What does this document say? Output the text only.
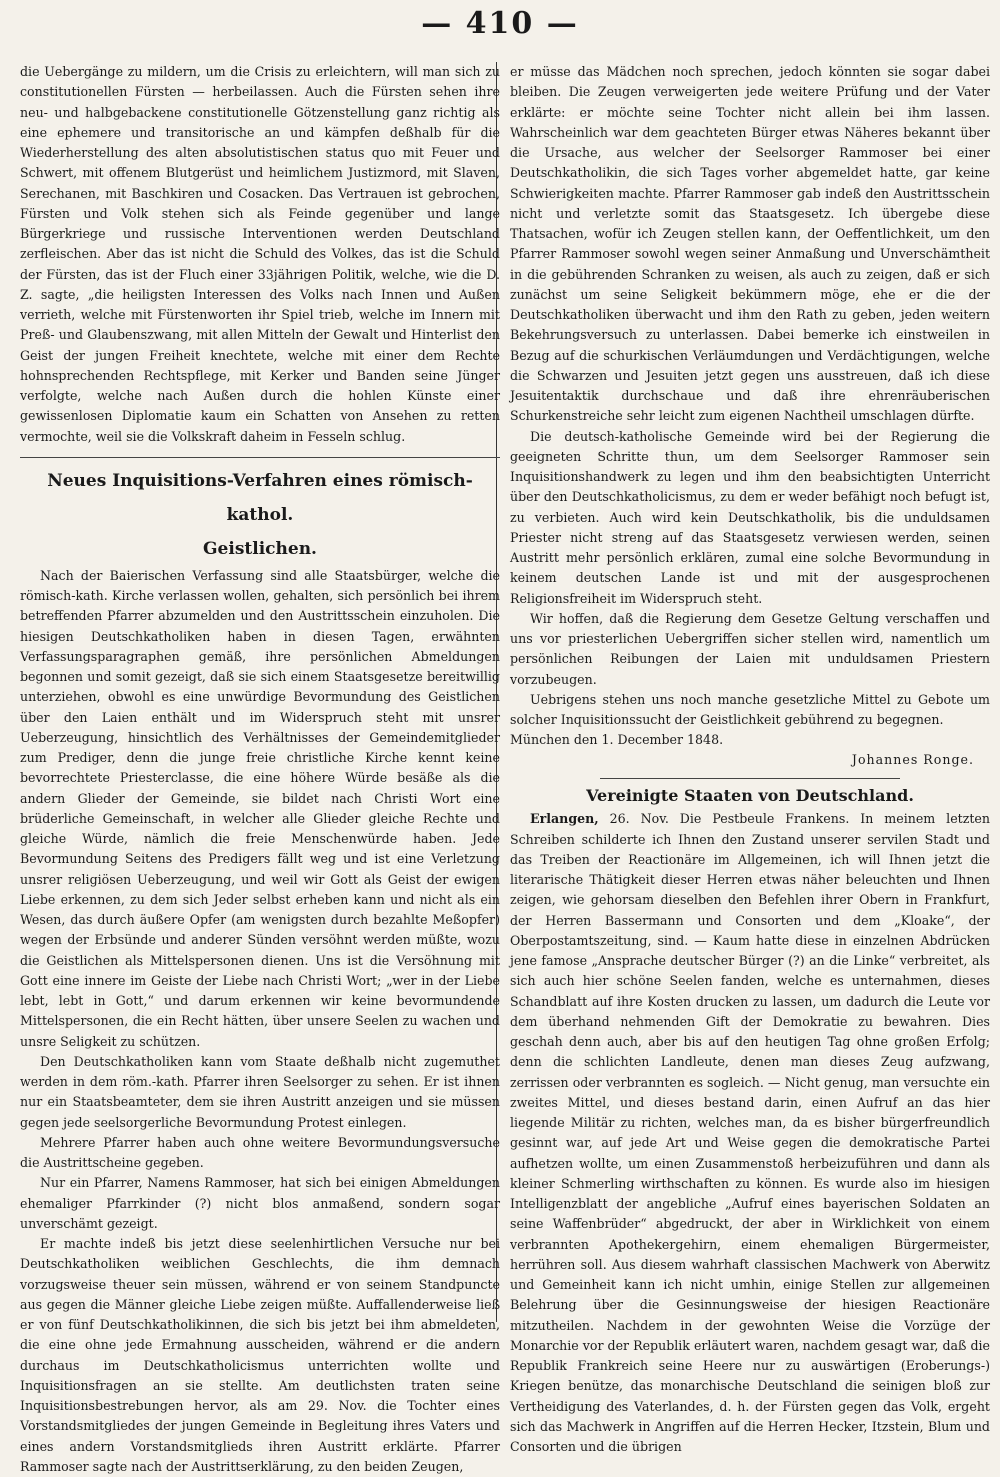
— 410 —

die Uebergänge zu mildern, um die Crisis zu erleichtern, will man sich zu constitutionellen Fürsten — herbeilassen. Auch die Fürsten sehen ihre neu- und halbgebackene constitutionelle Götzenstellung ganz richtig als eine ephemere und transitorische an und kämpfen deßhalb für die Wiederherstellung des alten absolutistischen status quo mit Feuer und Schwert, mit offenem Blutgerüst und heimlichem Justizmord, mit Slaven, Serechanen, mit Baschkiren und Cosacken. Das Vertrauen ist gebrochen, Fürsten und Volk stehen sich als Feinde gegenüber und lange Bürgerkriege und russische Interventionen werden Deutschland zerfleischen. Aber das ist nicht die Schuld des Volkes, das ist die Schuld der Fürsten, das ist der Fluch einer 33jährigen Politik, welche, wie die D. Z. sagte, „die heiligsten Interessen des Volks nach Innen und Außen verrieth, welche mit Fürstenworten ihr Spiel trieb, welche im Innern mit Preß- und Glaubenszwang, mit allen Mitteln der Gewalt und Hinterlist den Geist der jungen Freiheit knechtete, welche mit einer dem Rechte hohnsprechenden Rechtspflege, mit Kerker und Banden seine Jünger verfolgte, welche nach Außen durch die hohlen Künste einer gewissenlosen Diplomatie kaum ein Schatten von Ansehen zu retten vermochte, weil sie die Volkskraft daheim in Fesseln schlug.

Neues Inquisitions-Verfahren eines römisch-kathol.

Geistlichen.

Nach der Baierischen Verfassung sind alle Staatsbürger, welche die römisch-kath. Kirche verlassen wollen, gehalten, sich persönlich bei ihrem betreffenden Pfarrer abzumelden und den Austrittsschein einzuholen. Die hiesigen Deutschkatholiken haben in diesen Tagen, erwähnten Verfassungsparagraphen gemäß, ihre persönlichen Abmeldungen begonnen und somit gezeigt, daß sie sich einem Staatsgesetze bereitwillig unterziehen, obwohl es eine unwürdige Bevormundung des Geistlichen über den Laien enthält und im Widerspruch steht mit unsrer Ueberzeugung, hinsichtlich des Verhältnisses der Gemeindemitglieder zum Prediger, denn die junge freie christliche Kirche kennt keine bevorrechtete Priesterclasse, die eine höhere Würde besäße als die andern Glieder der Gemeinde, sie bildet nach Christi Wort eine brüderliche Gemeinschaft, in welcher alle Glieder gleiche Rechte und gleiche Würde, nämlich die freie Menschenwürde haben. Jede Bevormundung Seitens des Predigers fällt weg und ist eine Verletzung unsrer religiösen Ueberzeugung, und weil wir Gott als Geist der ewigen Liebe erkennen, zu dem sich Jeder selbst erheben kann und nicht als ein Wesen, das durch äußere Opfer (am wenigsten durch bezahlte Meßopfer) wegen der Erbsünde und anderer Sünden versöhnt werden müßte, wozu die Geistlichen als Mittelspersonen dienen. Uns ist die Versöhnung mit Gott eine innere im Geiste der Liebe nach Christi Wort; „wer in der Liebe lebt, lebt in Gott,“ und darum erkennen wir keine bevormundende Mittelspersonen, die ein Recht hätten, über unsere Seelen zu wachen und unsre Seligkeit zu schützen.

Den Deutschkatholiken kann vom Staate deßhalb nicht zugemuthet werden in dem röm.-kath. Pfarrer ihren Seelsorger zu sehen. Er ist ihnen nur ein Staatsbeamteter, dem sie ihren Austritt anzeigen und sie müssen gegen jede seelsorgerliche Bevormundung Protest einlegen.

Mehrere Pfarrer haben auch ohne weitere Bevormundungsversuche die Austrittscheine gegeben.

Nur ein Pfarrer, Namens Rammoser, hat sich bei einigen Abmeldungen ehemaliger Pfarrkinder (?) nicht blos anmaßend, sondern sogar unverschämt gezeigt.

Er machte indeß bis jetzt diese seelenhirtlichen Versuche nur bei Deutschkatholiken weiblichen Geschlechts, die ihm demnach vorzugsweise theuer sein müssen, während er von seinem Standpuncte aus gegen die Männer gleiche Liebe zeigen müßte. Auffallenderweise ließ er von fünf Deutschkatholikinnen, die sich bis jetzt bei ihm abmeldeten, die eine ohne jede Ermahnung ausscheiden, während er die andern durchaus im Deutschkatholicismus unterrichten wollte und Inquisitionsfragen an sie stellte. Am deutlichsten traten seine Inquisitionsbestrebungen hervor, als am 29. Nov. die Tochter eines Vorstandsmitgliedes der jungen Gemeinde in Begleitung ihres Vaters und eines andern Vorstandsmitglieds ihren Austritt erklärte. Pfarrer Rammoser sagte nach der Austrittserklärung, zu den beiden Zeugen,

er müsse das Mädchen noch sprechen, jedoch könnten sie sogar dabei bleiben. Die Zeugen verweigerten jede weitere Prüfung und der Vater erklärte: er möchte seine Tochter nicht allein bei ihm lassen. Wahrscheinlich war dem geachteten Bürger etwas Näheres bekannt über die Ursache, aus welcher der Seelsorger Rammoser bei einer Deutschkatholikin, die sich Tages vorher abgemeldet hatte, gar keine Schwierigkeiten machte. Pfarrer Rammoser gab indeß den Austrittsschein nicht und verletzte somit das Staatsgesetz. Ich übergebe diese Thatsachen, wofür ich Zeugen stellen kann, der Oeffentlichkeit, um den Pfarrer Rammoser sowohl wegen seiner Anmaßung und Unverschämtheit in die gebührenden Schranken zu weisen, als auch zu zeigen, daß er sich zunächst um seine Seligkeit bekümmern möge, ehe er die der Deutschkatholiken überwacht und ihm den Rath zu geben, jeden weitern Bekehrungsversuch zu unterlassen. Dabei bemerke ich einstweilen in Bezug auf die schurkischen Verläumdungen und Verdächtigungen, welche die Schwarzen und Jesuiten jetzt gegen uns ausstreuen, daß ich diese Jesuitentaktik durchschaue und daß ihre ehrenräuberischen Schurkenstreiche sehr leicht zum eigenen Nachtheil umschlagen dürfte.

Die deutsch-katholische Gemeinde wird bei der Regierung die geeigneten Schritte thun, um dem Seelsorger Rammoser sein Inquisitionshandwerk zu legen und ihm den beabsichtigten Unterricht über den Deutschkatholicismus, zu dem er weder befähigt noch befugt ist, zu verbieten. Auch wird kein Deutschkatholik, bis die unduldsamen Priester nicht streng auf das Staatsgesetz verwiesen werden, seinen Austritt mehr persönlich erklären, zumal eine solche Bevormundung in keinem deutschen Lande ist und mit der ausgesprochenen Religionsfreiheit im Widerspruch steht.

Wir hoffen, daß die Regierung dem Gesetze Geltung verschaffen und uns vor priesterlichen Uebergriffen sicher stellen wird, namentlich um persönlichen Reibungen der Laien mit unduldsamen Priestern vorzubeugen.

Uebrigens stehen uns noch manche gesetzliche Mittel zu Gebote um solcher Inquisitionssucht der Geistlichkeit gebührend zu begegnen.

München den 1. December 1848.

Johannes Ronge.

Vereinigte Staaten von Deutschland.

Erlangen, 26. Nov. Die Pestbeule Frankens. In meinem letzten Schreiben schilderte ich Ihnen den Zustand unserer servilen Stadt und das Treiben der Reactionäre im Allgemeinen, ich will Ihnen jetzt die literarische Thätigkeit dieser Herren etwas näher beleuchten und Ihnen zeigen, wie gehorsam dieselben den Befehlen ihrer Obern in Frankfurt, der Herren Bassermann und Consorten und dem „Kloake“, der Oberpostamtszeitung, sind. — Kaum hatte diese in einzelnen Abdrücken jene famose „Ansprache deutscher Bürger (?) an die Linke“ verbreitet, als sich auch hier schöne Seelen fanden, welche es unternahmen, dieses Schandblatt auf ihre Kosten drucken zu lassen, um dadurch die Leute vor dem überhand nehmenden Gift der Demokratie zu bewahren. Dies geschah denn auch, aber bis auf den heutigen Tag ohne großen Erfolg; denn die schlichten Landleute, denen man dieses Zeug aufzwang, zerrissen oder verbrannten es sogleich. — Nicht genug, man versuchte ein zweites Mittel, und dieses bestand darin, einen Aufruf an das hier liegende Militär zu richten, welches man, da es bisher bürgerfreundlich gesinnt war, auf jede Art und Weise gegen die demokratische Partei aufhetzen wollte, um einen Zusammenstoß herbeizuführen und dann als kleiner Schmerling wirthschaften zu können. Es wurde also im hiesigen Intelligenzblatt der angebliche „Aufruf eines bayerischen Soldaten an seine Waffenbrüder“ abgedruckt, der aber in Wirklichkeit von einem verbrannten Apothekergehirn, einem ehemaligen Bürgermeister, herrühren soll. Aus diesem wahrhaft classischen Machwerk von Aberwitz und Gemeinheit kann ich nicht umhin, einige Stellen zur allgemeinen Belehrung über die Gesinnungsweise der hiesigen Reactionäre mitzutheilen. Nachdem in der gewohnten Weise die Vorzüge der Monarchie vor der Republik erläutert waren, nachdem gesagt war, daß die Republik Frankreich seine Heere nur zu auswärtigen (Eroberungs-) Kriegen benütze, das monarchische Deutschland die seinigen bloß zur Vertheidigung des Vaterlandes, d. h. der Fürsten gegen das Volk, ergeht sich das Machwerk in Angriffen auf die Herren Hecker, Itzstein, Blum und Consorten und die übrigen
